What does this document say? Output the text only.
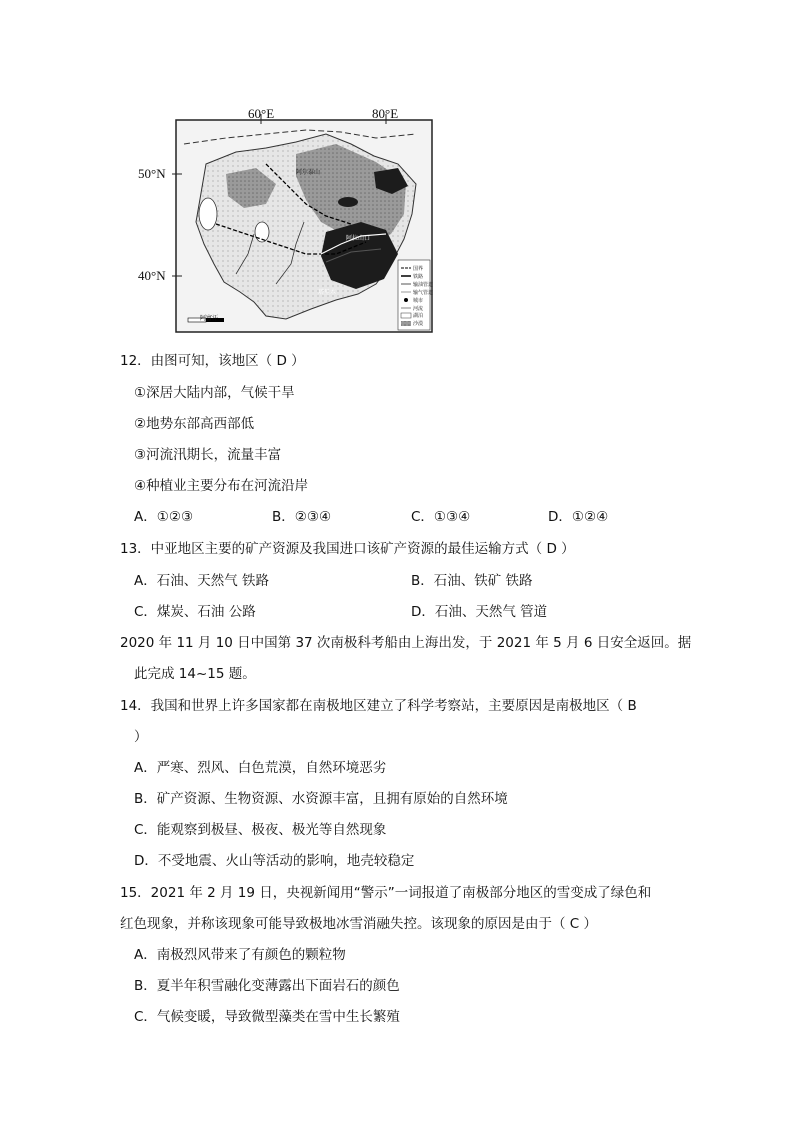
60°E	80°E
50°N
40°N
阿尔泰山
阿拉山口
塔里木
阿富汗
国界
铁路
输油管道
输气管道
城市
河流
湖泊
沙漠
12．由图可知，该地区（ D ）
①深居大陆内部，气候干旱
②地势东部高西部低
③河流汛期长，流量丰富
④种植业主要分布在河流沿岸
A．①②③	B．②③④	C．①③④	D．①②④
13．中亚地区主要的矿产资源及我国进口该矿产资源的最佳运输方式（ D ）
A．石油、天然气 铁路	B．石油、铁矿 铁路
C．煤炭、石油 公路	D．石油、天然气 管道
2020 年 11 月 10 日中国第 37 次南极科考船由上海出发，于 2021 年 5 月 6 日安全返回。据
此完成 14~15 题。
14．我国和世界上许多国家都在南极地区建立了科学考察站，主要原因是南极地区（ B
）
A．严寒、烈风、白色荒漠，自然环境恶劣
B．矿产资源、生物资源、水资源丰富，且拥有原始的自然环境
C．能观察到极昼、极夜、极光等自然现象
D．不受地震、火山等活动的影响，地壳较稳定
15．2021 年 2 月 19 日，央视新闻用“警示”一词报道了南极部分地区的雪变成了绿色和
红色现象，并称该现象可能导致极地冰雪消融失控。该现象的原因是由于（ C ）
A．南极烈风带来了有颜色的颗粒物
B．夏半年积雪融化变薄露出下面岩石的颜色
C．气候变暖，导致微型藻类在雪中生长繁殖
